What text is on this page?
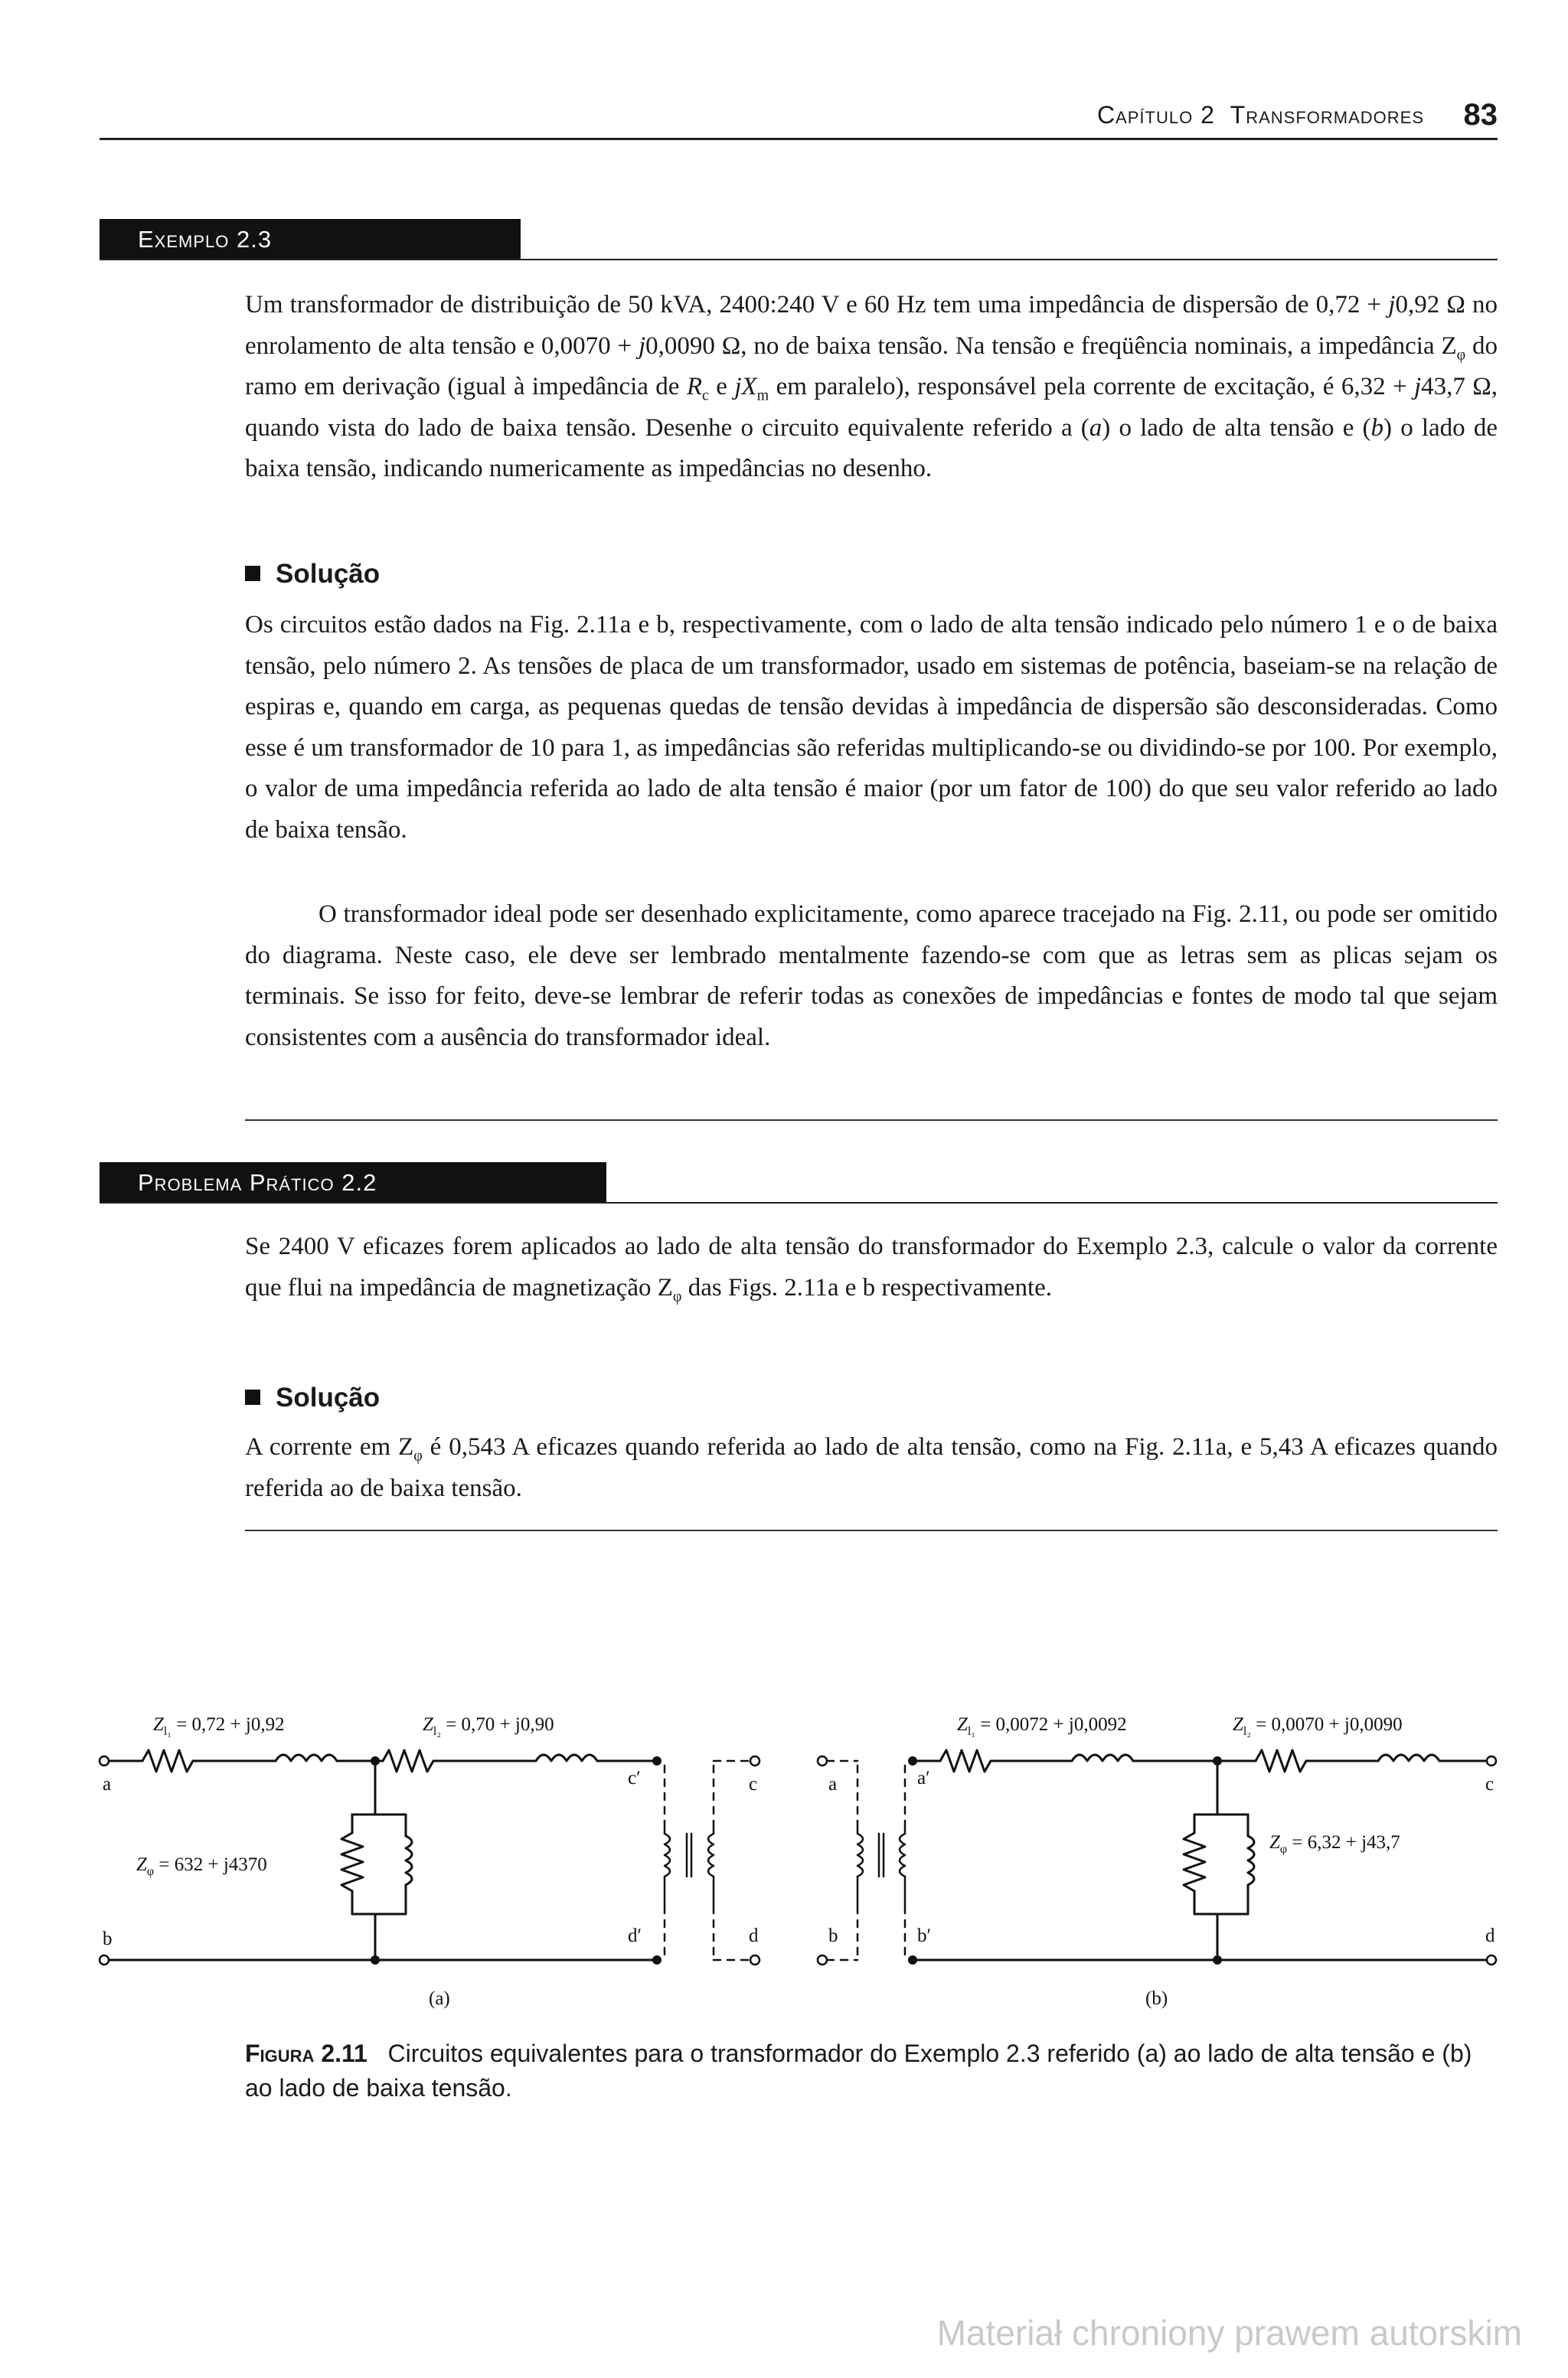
Capítulo 2 Transformadores 83
Exemplo 2.3

Um transformador de distribuição de 50 kVA, 2400:240 V e 60 Hz tem uma impedância de dispersão de 0,72 + j0,92 Ω no enrolamento de alta tensão e 0,0070 + j0,0090 Ω, no de baixa tensão. Na tensão e freqüência nominais, a impedância $Z_\varphi$ do ramo em derivação (igual à impedância de $R_c$ e $jX_m$ em paralelo), responsável pela corrente de excitação, é 6,32 + j43,7 Ω, quando vista do lado de baixa tensão. Desenhe o circuito equivalente referido a (a) o lado de alta tensão e (b) o lado de baixa tensão, indicando numericamente as impedâncias no desenho.

Solução

Os circuitos estão dados na Fig. 2.11a e b, respectivamente, com o lado de alta tensão indicado pelo número 1 e o de baixa tensão, pelo número 2. As tensões de placa de um transformador, usado em sistemas de potência, baseiam-se na relação de espiras e, quando em carga, as pequenas quedas de tensão devidas à impedância de dispersão são desconsideradas. Como esse é um transformador de 10 para 1, as impedâncias são referidas multiplicando-se ou dividindo-se por 100. Por exemplo, o valor de uma impedância referida ao lado de alta tensão é maior (por um fator de 100) do que seu valor referido ao lado de baixa tensão.

O transformador ideal pode ser desenhado explicitamente, como aparece tracejado na Fig. 2.11, ou pode ser omitido do diagrama. Neste caso, ele deve ser lembrado mentalmente fazendo-se com que as letras sem as plicas sejam os terminais. Se isso for feito, deve-se lembrar de referir todas as conexões de impedâncias e fontes de modo tal que sejam consistentes com a ausência do transformador ideal.

Problema Prático 2.2

Se 2400 V eficazes forem aplicados ao lado de alta tensão do transformador do Exemplo 2.3, calcule o valor da corrente que flui na impedância de magnetização $Z_\varphi$ das Figs. 2.11a e b respectivamente.

Solução

A corrente em $Z_\varphi$ é 0,543 A eficazes quando referida ao lado de alta tensão, como na Fig. 2.11a, e 5,43 A eficazes quando referida ao de baixa tensão.

$Z_{l_1} = 0,72 + j0,92$	$Z_{l_2} = 0,70 + j0,90$
$Z_\varphi = 632 + j4370$
a
b
c′
d′
c
d
(a)
$Z_{l_1} = 0,0072 + j0,0092$	$Z_{l_2} = 0,0070 + j0,0090$
$Z_\varphi = 6,32 + j43,7$
a
b
a′
b′
c
d
(b)

Figura 2.11 Circuitos equivalentes para o transformador do Exemplo 2.3 referido (a) ao lado de alta tensão e (b) ao lado de baixa tensão.

Materiał chroniony prawem autorskim
